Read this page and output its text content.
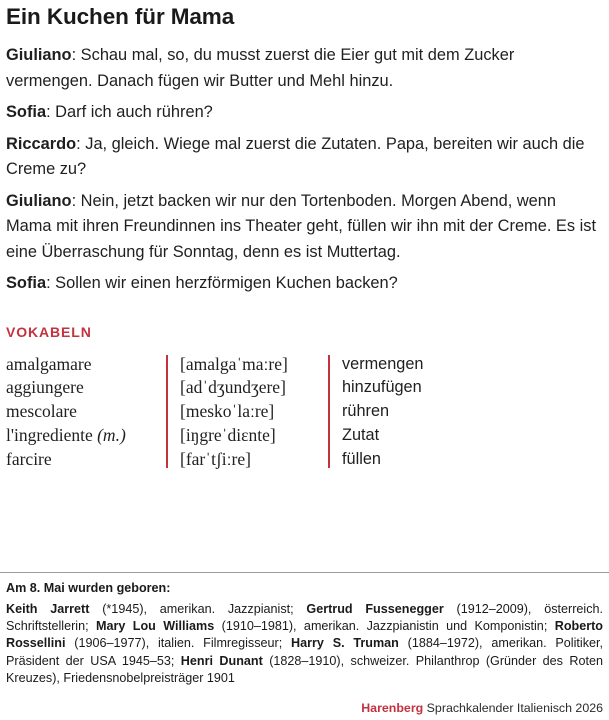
Ein Kuchen für Mama

Giuliano: Schau mal, so, du musst zuerst die Eier gut mit dem Zucker vermengen. Danach fügen wir Butter und Mehl hinzu.

Sofia: Darf ich auch rühren?

Riccardo: Ja, gleich. Wiege mal zuerst die Zutaten. Papa, bereiten wir auch die Creme zu?

Giuliano: Nein, jetzt backen wir nur den Tortenboden. Morgen Abend, wenn Mama mit ihren Freundinnen ins Theater geht, füllen wir ihn mit der Creme. Es ist eine Überraschung für Sonntag, denn es ist Muttertag.

Sofia: Sollen wir einen herzförmigen Kuchen backen?

VOKABELN
amalgamare
aggiungere
mescolare
l'ingrediente (m.)
farcire
[amalgaˈmaːre]
[adˈdʒundʒere]
[meskoˈlaːre]
[iŋgreˈdiɛnte]
[farˈtʃiːre]
vermengen
hinzufügen
rühren
Zutat
füllen

Am 8. Mai wurden geboren:

Keith Jarrett (*1945), amerikan. Jazzpianist; Gertrud Fussenegger (1912–2009), österreich. Schriftstellerin; Mary Lou Williams (1910–1981), amerikan. Jazzpianistin und Komponistin; Roberto Rossellini (1906–1977), italien. Filmregisseur; Harry S. Truman (1884–1972), amerikan. Politiker, Präsident der USA 1945–53; Henri Dunant (1828–1910), schweizer. Philanthrop (Gründer des Roten Kreuzes), Friedensnobelpreisträger 1901

Harenberg Sprachkalender Italienisch 2026
